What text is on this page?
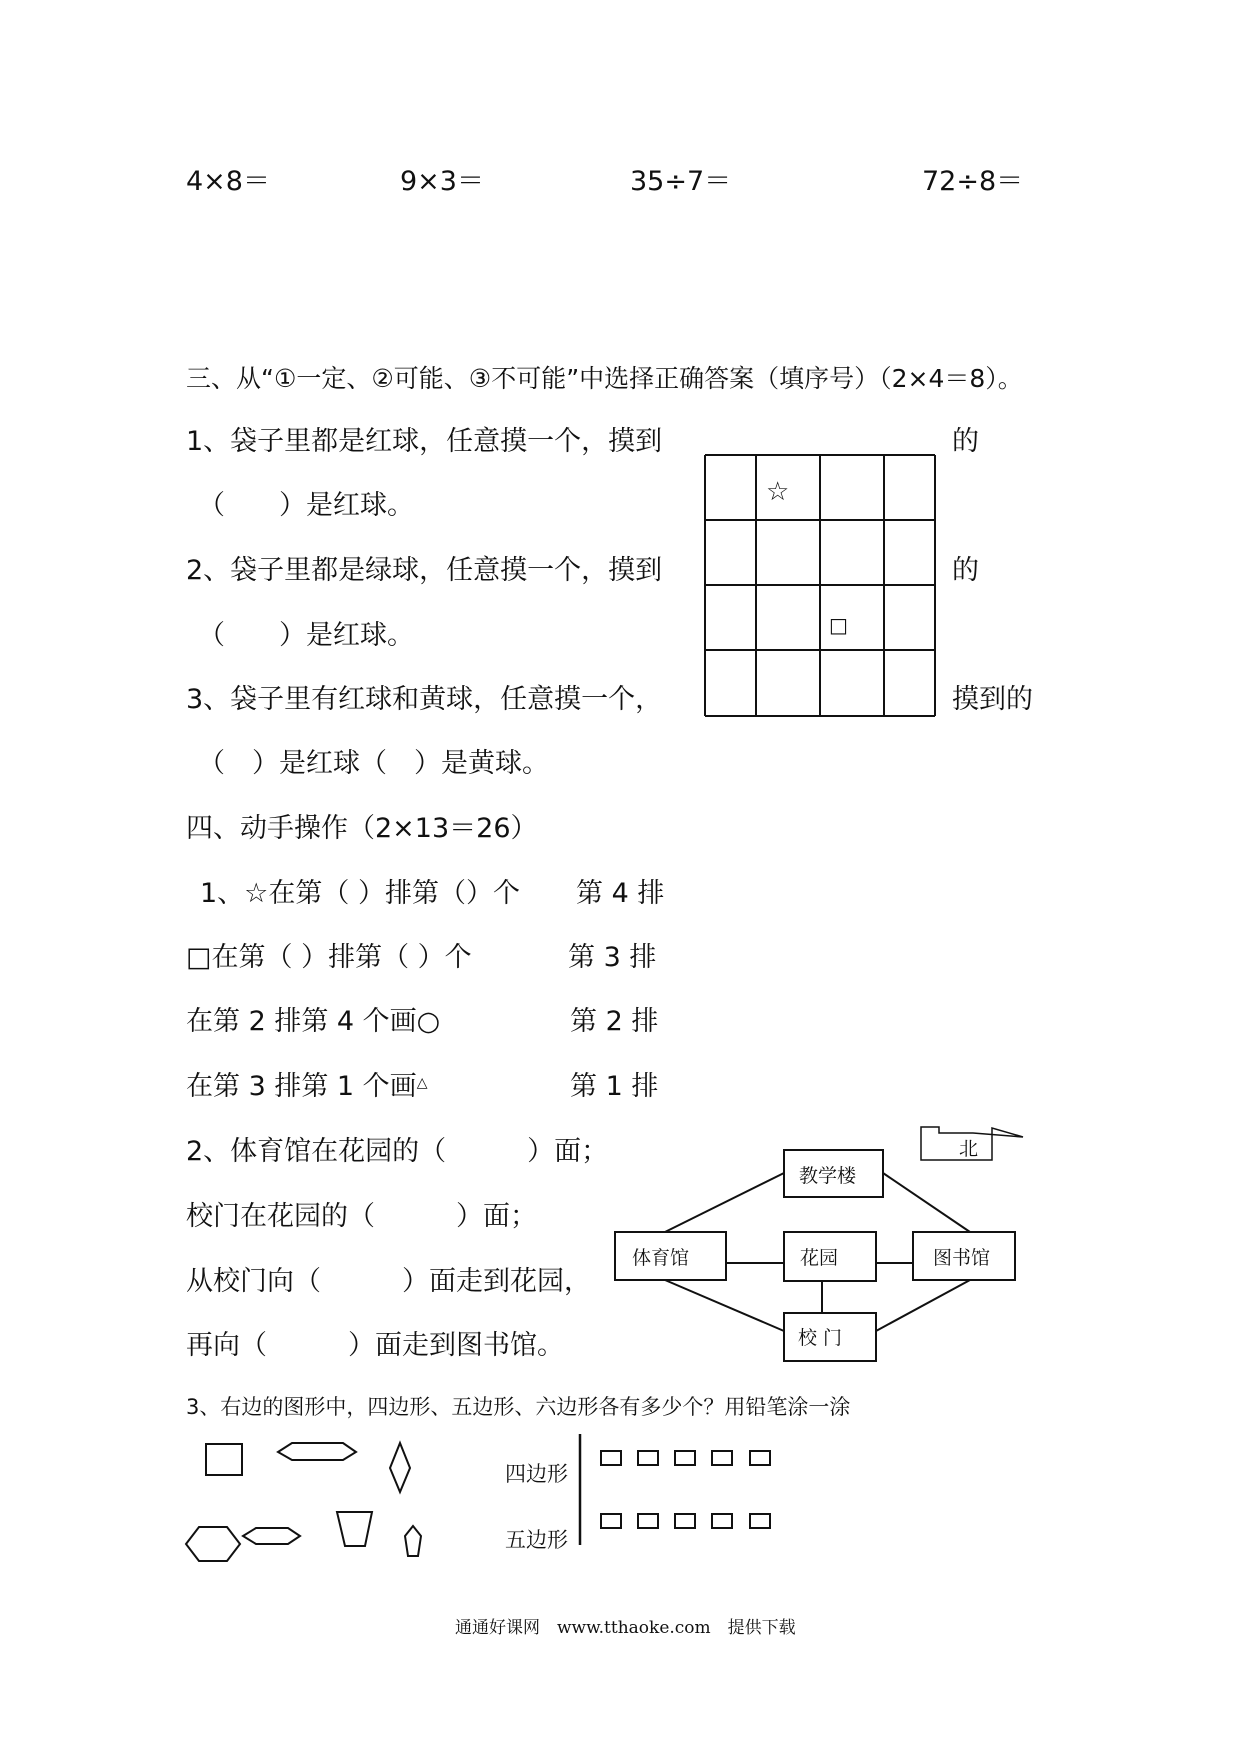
4×8＝	9×3＝	35÷7＝	72÷8＝
三、从“①一定、②可能、③不可能”中选择正确答案（填序号）（2×4＝8）。
1、袋子里都是红球，任意摸一个，摸到	的
（　　）是红球。
2、袋子里都是绿球，任意摸一个，摸到	的
（　　）是红球。
3、袋子里有红球和黄球，任意摸一个，	摸到的
（　）是红球（　）是黄球。
四、动手操作（2×13＝26）
1、☆在第（ ）排第（）个 第 4 排
□在第（ ）排第（ ）个	第 3 排
在第 2 排第 4 个画○	第 2 排
在第 3 排第 1 个画△	第 1 排
2、体育馆在花园的（　　　）面；
校门在花园的（　　　）面；
从校门向（　　　）面走到花园，
再向（　　　）面走到图书馆。
3、右边的图形中，四边形、五边形、六边形各有多少个？用铅笔涂一涂
通通好课网　www.tthaoke.com　提供下载
☆
□
北
教学楼
体育馆	花园	图书馆
校 门
四边形
五边形
